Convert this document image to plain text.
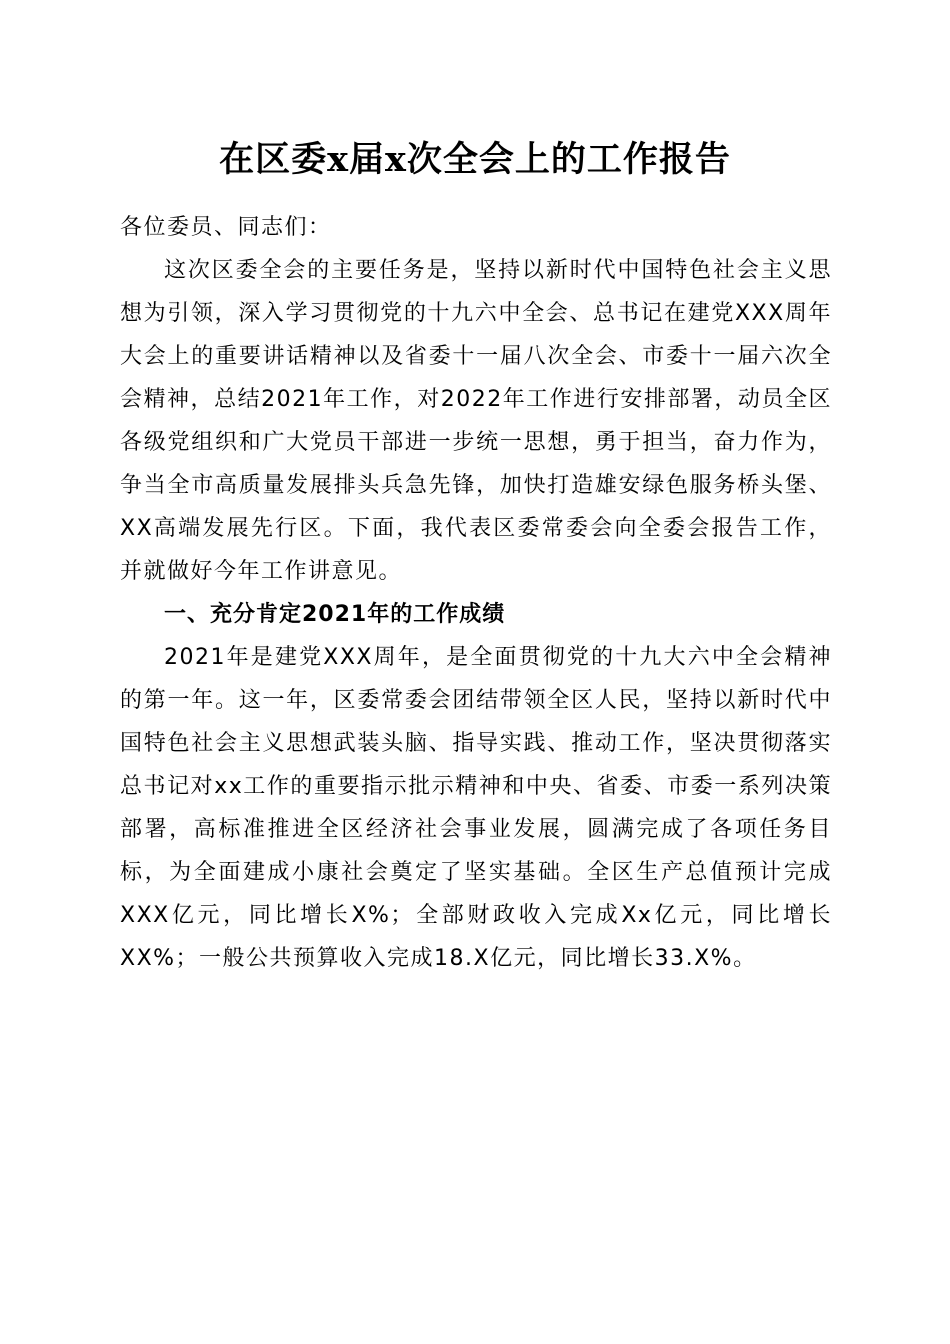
在区委x届x次全会上的工作报告

各位委员、同志们：

这次区委全会的主要任务是，坚持以新时代中国特色社会主义思想为引领，深入学习贯彻党的十九六中全会、总书记在建党XXX周年大会上的重要讲话精神以及省委十一届八次全会、市委十一届六次全会精神，总结2021年工作，对2022年工作进行安排部署，动员全区各级党组织和广大党员干部进一步统一思想，勇于担当，奋力作为，争当全市高质量发展排头兵急先锋，加快打造雄安绿色服务桥头堡、XX高端发展先行区。下面，我代表区委常委会向全委会报告工作，并就做好今年工作讲意见。

一、充分肯定2021年的工作成绩

2021年是建党XXX周年，是全面贯彻党的十九大六中全会精神的第一年。这一年，区委常委会团结带领全区人民，坚持以新时代中国特色社会主义思想武装头脑、指导实践、推动工作，坚决贯彻落实总书记对xx工作的重要指示批示精神和中央、省委、市委一系列决策部署，高标准推进全区经济社会事业发展，圆满完成了各项任务目标，为全面建成小康社会奠定了坚实基础。全区生产总值预计完成XXX亿元，同比增长X%；全部财政收入完成Xx亿元，同比增长XX%；一般公共预算收入完成18.X亿元，同比增长33.X%。
